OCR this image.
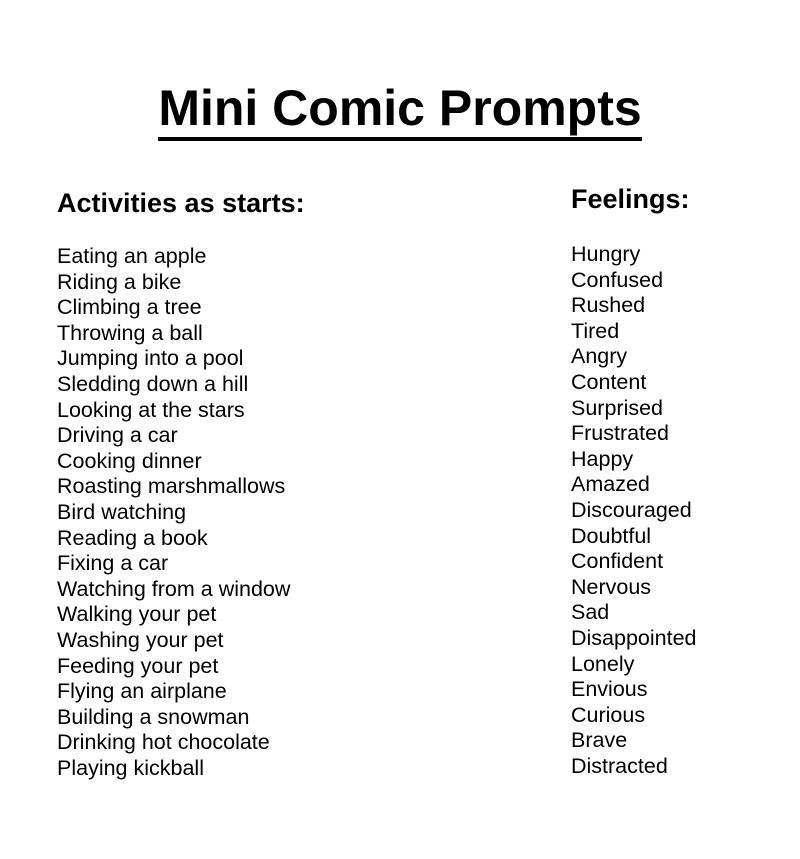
Mini Comic Prompts
Activities as starts:
Eating an apple
Riding a bike
Climbing a tree
Throwing a ball
Jumping into a pool
Sledding down a hill
Looking at the stars
Driving a car
Cooking dinner
Roasting marshmallows
Bird watching
Reading a book
Fixing a car
Watching from a window
Walking your pet
Washing your pet
Feeding your pet
Flying an airplane
Building a snowman
Drinking hot chocolate
Playing kickball
Feelings:
Hungry
Confused
Rushed
Tired
Angry
Content
Surprised
Frustrated
Happy
Amazed
Discouraged
Doubtful
Confident
Nervous
Sad
Disappointed
Lonely
Envious
Curious
Brave
Distracted
